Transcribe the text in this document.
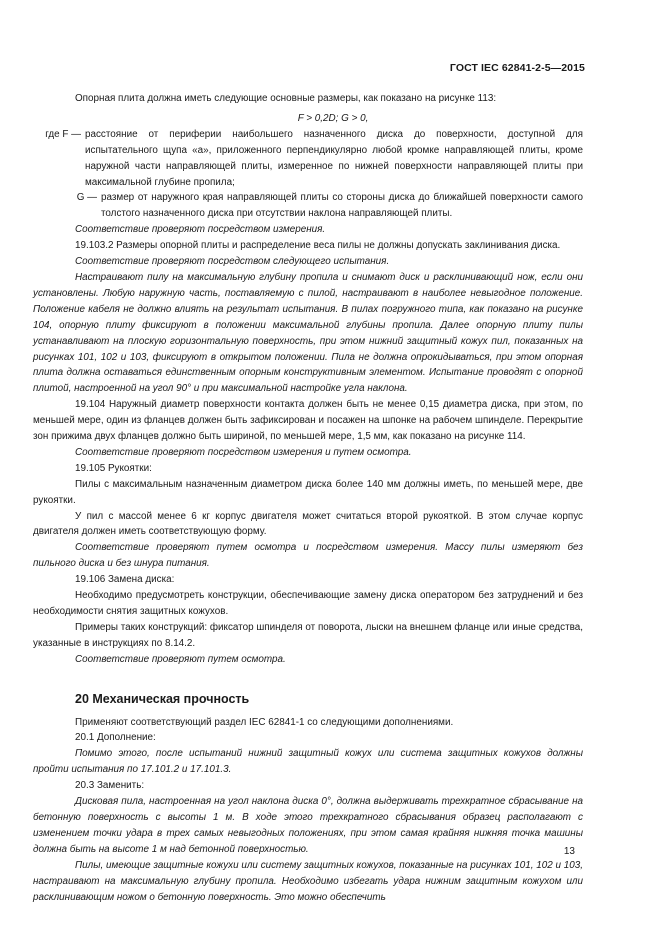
ГОСТ IEC 62841-2-5—2015

Опорная плита должна иметь следующие основные размеры, как показано на рисунке 113:

F > 0,2D; G > 0,

где F — расстояние от периферии наибольшего назначенного диска до поверхности, доступной для испытательного щупа «a», приложенного перпендикулярно любой кромке направляющей плиты, кроме наружной части направляющей плиты, измеренное по нижней поверхности направляющей плиты при максимальной глубине пропила;
G — размер от наружного края направляющей плиты со стороны диска до ближайшей поверхности самого толстого назначенного диска при отсутствии наклона направляющей плиты.

Соответствие проверяют посредством измерения.

19.103.2 Размеры опорной плиты и распределение веса пилы не должны допускать заклинивания диска.

Соответствие проверяют посредством следующего испытания.

Настраивают пилу на максимальную глубину пропила и снимают диск и расклинивающий нож, если они установлены. Любую наружную часть, поставляемую с пилой, настраивают в наиболее невыгодное положение. Положение кабеля не должно влиять на результат испытания. В пилах погружного типа, как показано на рисунке 104, опорную плиту фиксируют в положении максимальной глубины пропила. Далее опорную плиту пилы устанавливают на плоскую горизонтальную поверхность, при этом нижний защитный кожух пил, показанных на рисунках 101, 102 и 103, фиксируют в открытом положении. Пила не должна опрокидываться, при этом опорная плита должна оставаться единственным опорным конструктивным элементом. Испытание проводят с опорной плитой, настроенной на угол 90° и при максимальной настройке угла наклона.

19.104 Наружный диаметр поверхности контакта должен быть не менее 0,15 диаметра диска, при этом, по меньшей мере, один из фланцев должен быть зафиксирован и посажен на шпонке на рабочем шпинделе. Перекрытие зон прижима двух фланцев должно быть шириной, по меньшей мере, 1,5 мм, как показано на рисунке 114.

Соответствие проверяют посредством измерения и путем осмотра.

19.105 Рукоятки:

Пилы с максимальным назначенным диаметром диска более 140 мм должны иметь, по меньшей мере, две рукоятки.

У пил с массой менее 6 кг корпус двигателя может считаться второй рукояткой. В этом случае корпус двигателя должен иметь соответствующую форму.

Соответствие проверяют путем осмотра и посредством измерения. Массу пилы измеряют без пильного диска и без шнура питания.

19.106 Замена диска:

Необходимо предусмотреть конструкции, обеспечивающие замену диска оператором без затруднений и без необходимости снятия защитных кожухов.

Примеры таких конструкций: фиксатор шпинделя от поворота, лыски на внешнем фланце или иные средства, указанные в инструкциях по 8.14.2.

Соответствие проверяют путем осмотра.

20 Механическая прочность

Применяют соответствующий раздел IEC 62841-1 со следующими дополнениями.

20.1 Дополнение:

Помимо этого, после испытаний нижний защитный кожух или система защитных кожухов должны пройти испытания по 17.101.2 и 17.101.3.

20.3 Заменить:

Дисковая пила, настроенная на угол наклона диска 0°, должна выдерживать трехкратное сбрасывание на бетонную поверхность с высоты 1 м. В ходе этого трехкратного сбрасывания образец располагают с изменением точки удара в трех самых невыгодных положениях, при этом самая крайняя нижняя точка машины должна быть на высоте 1 м над бетонной поверхностью.

Пилы, имеющие защитные кожухи или систему защитных кожухов, показанные на рисунках 101, 102 и 103, настраивают на максимальную глубину пропила. Необходимо избегать удара нижним защитным кожухом или расклинивающим ножом о бетонную поверхность. Это можно обеспечить

13
